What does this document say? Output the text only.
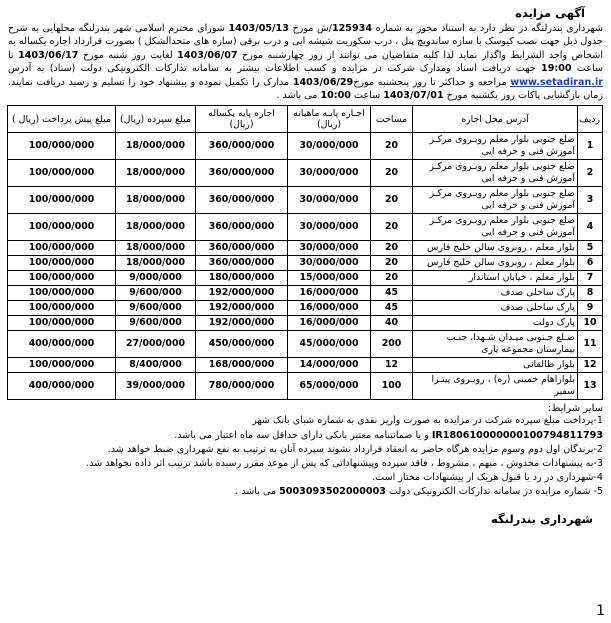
آگهی مزایده

شهرداری بندرلنگه در نظر دارد به استناد مجوز به شماره 125934/ش مورخ 1403/05/13 شورای محترم اسلامی شهر بندرلنگه محلهایی به شرح جدول ذیل جهت نصب کیوسک با سازه ساندویچ پنل ، درب سکوریت شیشه ایی و درب برقی (سازه های متحدالشکل ) بصورت قرارداد اجاره یکساله به اشخاص واجد الشرایط واگذار نماید لذا کلیه متقاضیان می توانند از روز چهارشنبه مورخ 1403/06/07 لغایت روز شنبه مورخ 1403/06/17 تا ساعت 19:00 جهت دریافت اسناد ومدارک شرکت در مزایده و کسب اطلاعات بیشتر به سامانه تدارکات الکترونیکی دولت (ستاد) به آدرس www.setadiran.ir مراجعه و حداکثر تا روز پنجشنبه مورخ1403/06/29 مدارک را تکمیل نموده و پیشنهاد خود را تسلیم و رسید دریافت نمایند. زمان بازگشایی پاکات روز یکشنبه مورخ 1403/07/01 ساعت 10:00 می باشد .

ردیف	آدرس محل اجاره	مساحت	اجـاره پایـه ماهیانه (ریال)	اجاره پایه یکساله (ریال)	مبلغ سپرده (ریال)	مبلغ پیش پرداخت (ریال )
1	ضلع جنوبی بلوار معلم روبـروی مرکـز آموزش فنی و حرفه ایی	20	30/000/000	360/000/000	18/000/000	100/000/000
2	ضلع جنوبی بلوار معلم روبـروی مرکـز آموزش فنی و حرفه ایی	20	30/000/000	360/000/000	18/000/000	100/000/000
3	ضلع جنوبی بلوار معلم روبـروی مرکـز آموزش فنی و حرفه ایی	20	30/000/000	360/000/000	18/000/000	100/000/000
4	ضلع جنوبی بلوار معلم روبـروی مرکـز آموزش فنی و حرفه ایی	20	30/000/000	360/000/000	18/000/000	100/000/000
5	بلوار معلم ، روبروی سالن خلیج فارس	20	30/000/000	360/000/000	18/000/000	100/000/000
6	بلوار معلم ، روبروی سالن خلیج فارس	20	30/000/000	360/000/000	18/000/000	100/000/000
7	بلوار معلم ، خیابان استاندار	20	15/000/000	180/000/000	9/000/000	100/000/000
8	پارک ساحلی صدف	45	16/000/000	192/000/000	9/600/000	100/000/000
9	پارک ساحلی صدف	45	16/000/000	192/000/000	9/600/000	100/000/000
10	پارک دولت	40	16/000/000	192/000/000	9/600/000	100/000/000
11	ضـلع جـنوبی میـدان شـهدا، جنـب بیمارستان مجموعه یاری	200	45/000/000	450/000/000	27/000/000	400/000/000
12	بلوار طالقانی	12	14/000/000	168/000/000	8/400/000	100/000/000
13	بلواراهام خمینی (ره) ، روبـروی پیتـزا سفیر	100	65/000/000	780/000/000	39/000/000	400/000/000
سایر شرایط:

1-پرداخت مبلغ سپرده شرکت در مزایده به صورت واریز نقدی به شماره شبای بانک شهر
IR180610000000100794811793 و یا ضمانتنامه معتبر بانکی دارای حداقل سه ماه اعتبار می باشد.

2-برندگان اول دوم وسوم مزایده هرگاه حاضر به انعقاد قرارداد نشوند سپرده آنان به ترتیب به نفع شهرداری ضبط خواهد شد.

3-به پیشنهادات مخدوش ، مبهم ، مشروط ، فاقد سپرده وپیشنهاداتی که پس از موعد مقرر رسیده باشد ترتیب اثر داده نخواهد شد.

4-شهرداری در رد یا قبول هریک از پیشنهادات مختار است.

5- شماره مزایده در سامانه تدارکات الکترونیکی دولت 5003093502000003 می باشد .

شهرداری بندرلنگه
1
